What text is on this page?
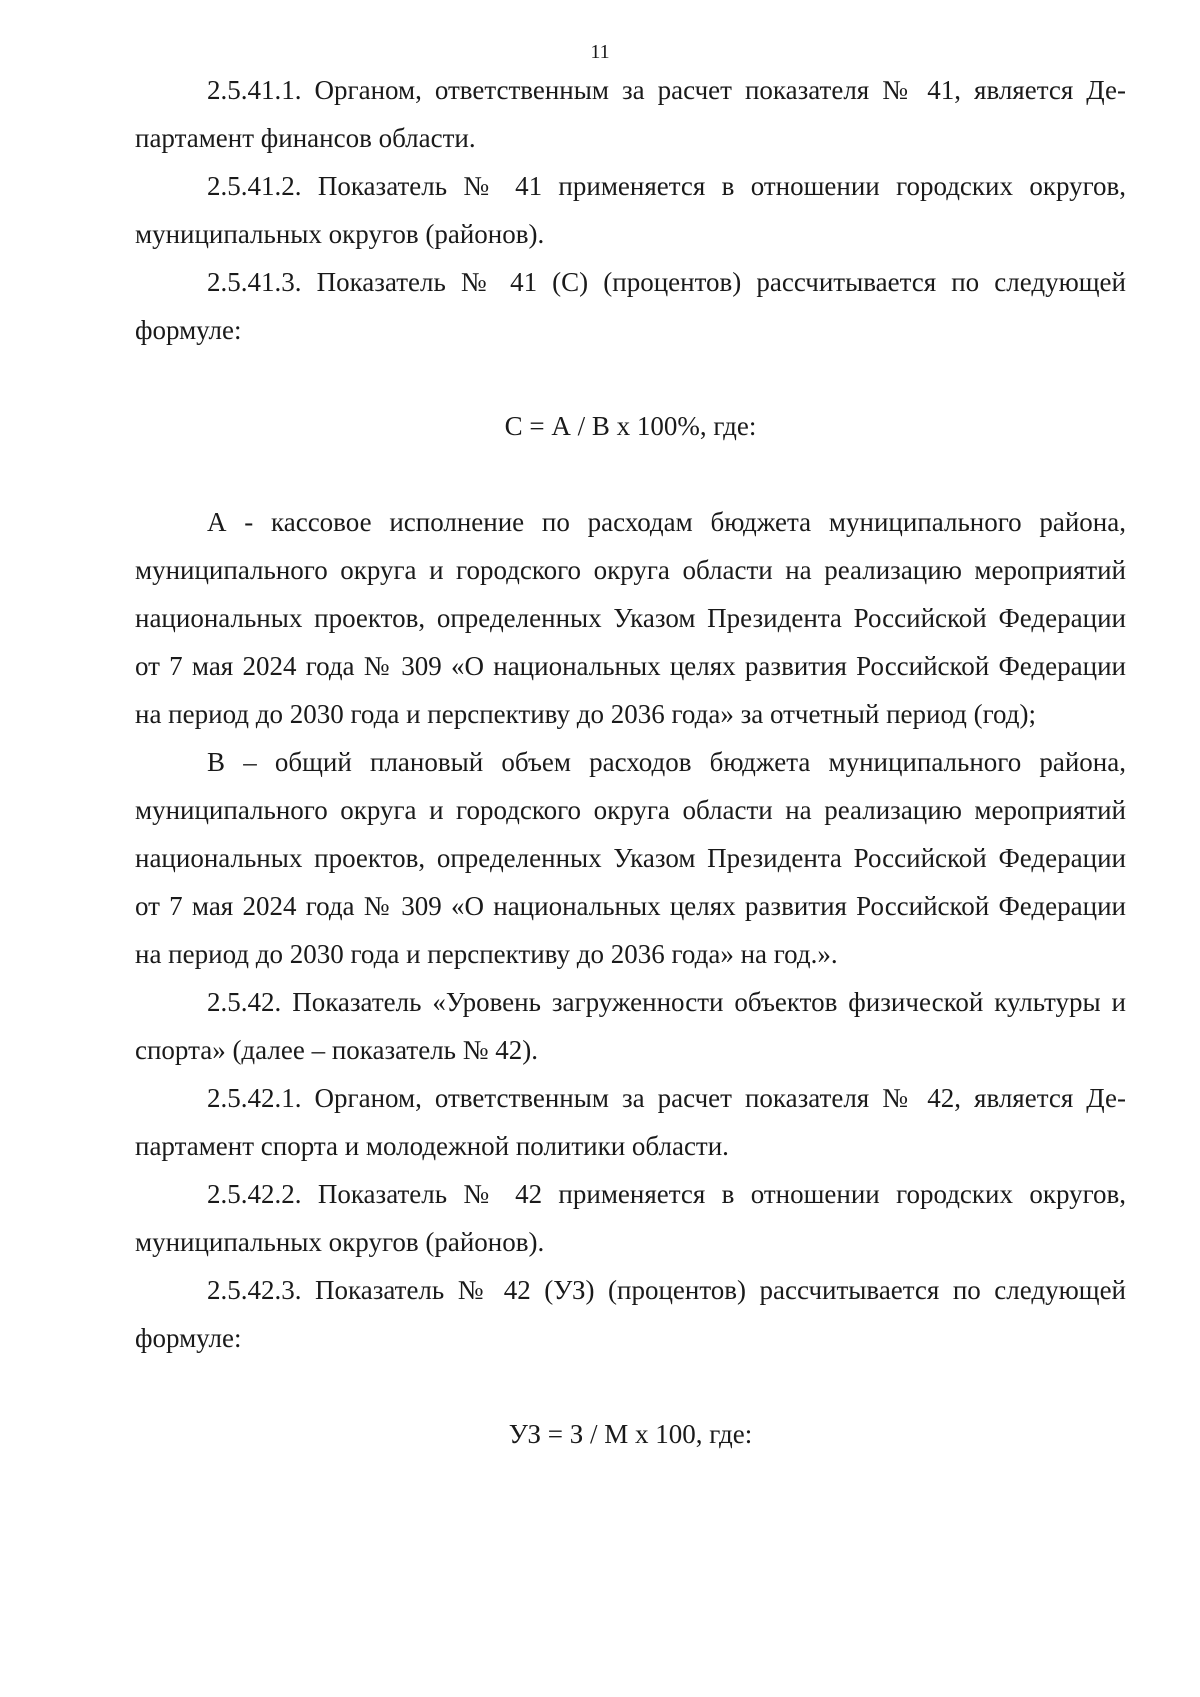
11

2.5.41.1. Органом, ответственным за расчет показателя № 41, является Департамент финансов области.

2.5.41.2. Показатель № 41 применяется в отношении городских округов, муниципальных округов (районов).

2.5.41.3. Показатель № 41 (С) (процентов) рассчитывается по следующей формуле:

С = А / В х 100%, где:

А - кассовое исполнение по расходам бюджета муниципального района, муниципального округа и городского округа области на реализацию мероприятий национальных проектов, определенных Указом Президента Российской Федерации от 7 мая 2024 года № 309 «О национальных целях развития Российской Федерации на период до 2030 года и перспективу до 2036 года» за отчетный период (год);

В – общий плановый объем расходов бюджета муниципального района, муниципального округа и городского округа области на реализацию мероприятий национальных проектов, определенных Указом Президента Российской Федерации от 7 мая 2024 года № 309 «О национальных целях развития Российской Федерации на период до 2030 года и перспективу до 2036 года» на год.».

2.5.42. Показатель «Уровень загруженности объектов физической культуры и спорта» (далее – показатель № 42).

2.5.42.1. Органом, ответственным за расчет показателя № 42, является Департамент спорта и молодежной политики области.

2.5.42.2. Показатель № 42 применяется в отношении городских округов, муниципальных округов (районов).

2.5.42.3. Показатель № 42 (УЗ) (процентов) рассчитывается по следующей формуле:

УЗ = З / М х 100, где:
